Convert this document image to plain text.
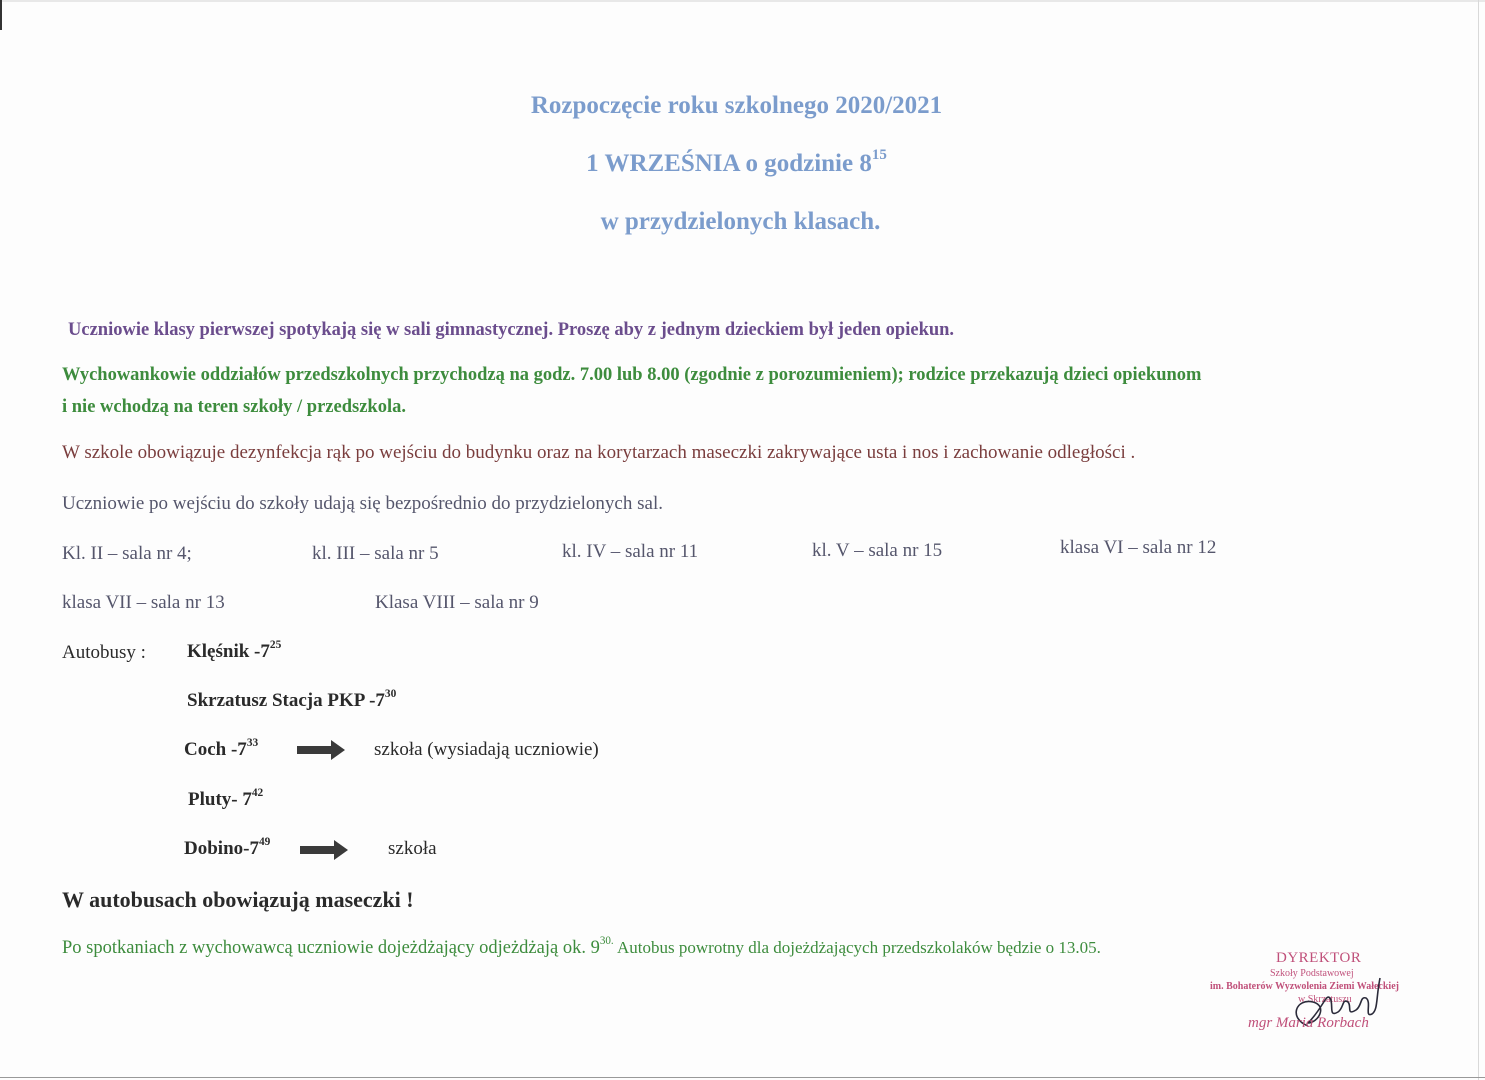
Rozpoczęcie roku szkolnego 2020/2021
1 WRZEŚNIA o godzinie $8^{15}$
w przydzielonych klasach.
Uczniowie klasy pierwszej spotykają się w sali gimnastycznej. Proszę aby z jednym dzieckiem był jeden opiekun.
Wychowankowie oddziałów przedszkolnych przychodzą na godz. 7.00 lub 8.00 (zgodnie z porozumieniem); rodzice przekazują dzieci opiekunom
i nie wchodzą na teren szkoły / przedszkola.
W szkole obowiązuje dezynfekcja rąk po wejściu do budynku oraz na korytarzach maseczki zakrywające usta i nos i zachowanie odległości .
Uczniowie po wejściu do szkoły udają się bezpośrednio do przydzielonych sal.
Kl. II – sala nr 4;	kl. III – sala nr 5	kl. IV – sala nr 11	kl. V – sala nr 15	klasa VI – sala nr 12
klasa VII – sala nr 13	Klasa VIII – sala nr 9
Autobusy : Klęśnik $-7^{25}$
Skrzatusz Stacja PKP $-7^{30}$
Coch $-7^{33}$	szkoła (wysiadają uczniowie)
Pluty- $7^{42}$
Dobino-$7^{49}$	szkoła
W autobusach obowiązują maseczki !
Po spotkaniach z wychowawcą uczniowie dojeżdżający odjeżdżają ok. $9^{30.}$ Autobus powrotny dla dojeżdżających przedszkolaków będzie o 13.05.
DYREKTOR
Szkoły Podstawowej
im. Bohaterów Wyzwolenia Ziemi Wałeckiej
w Skrzatuszu
mgr Maria Rorbach
